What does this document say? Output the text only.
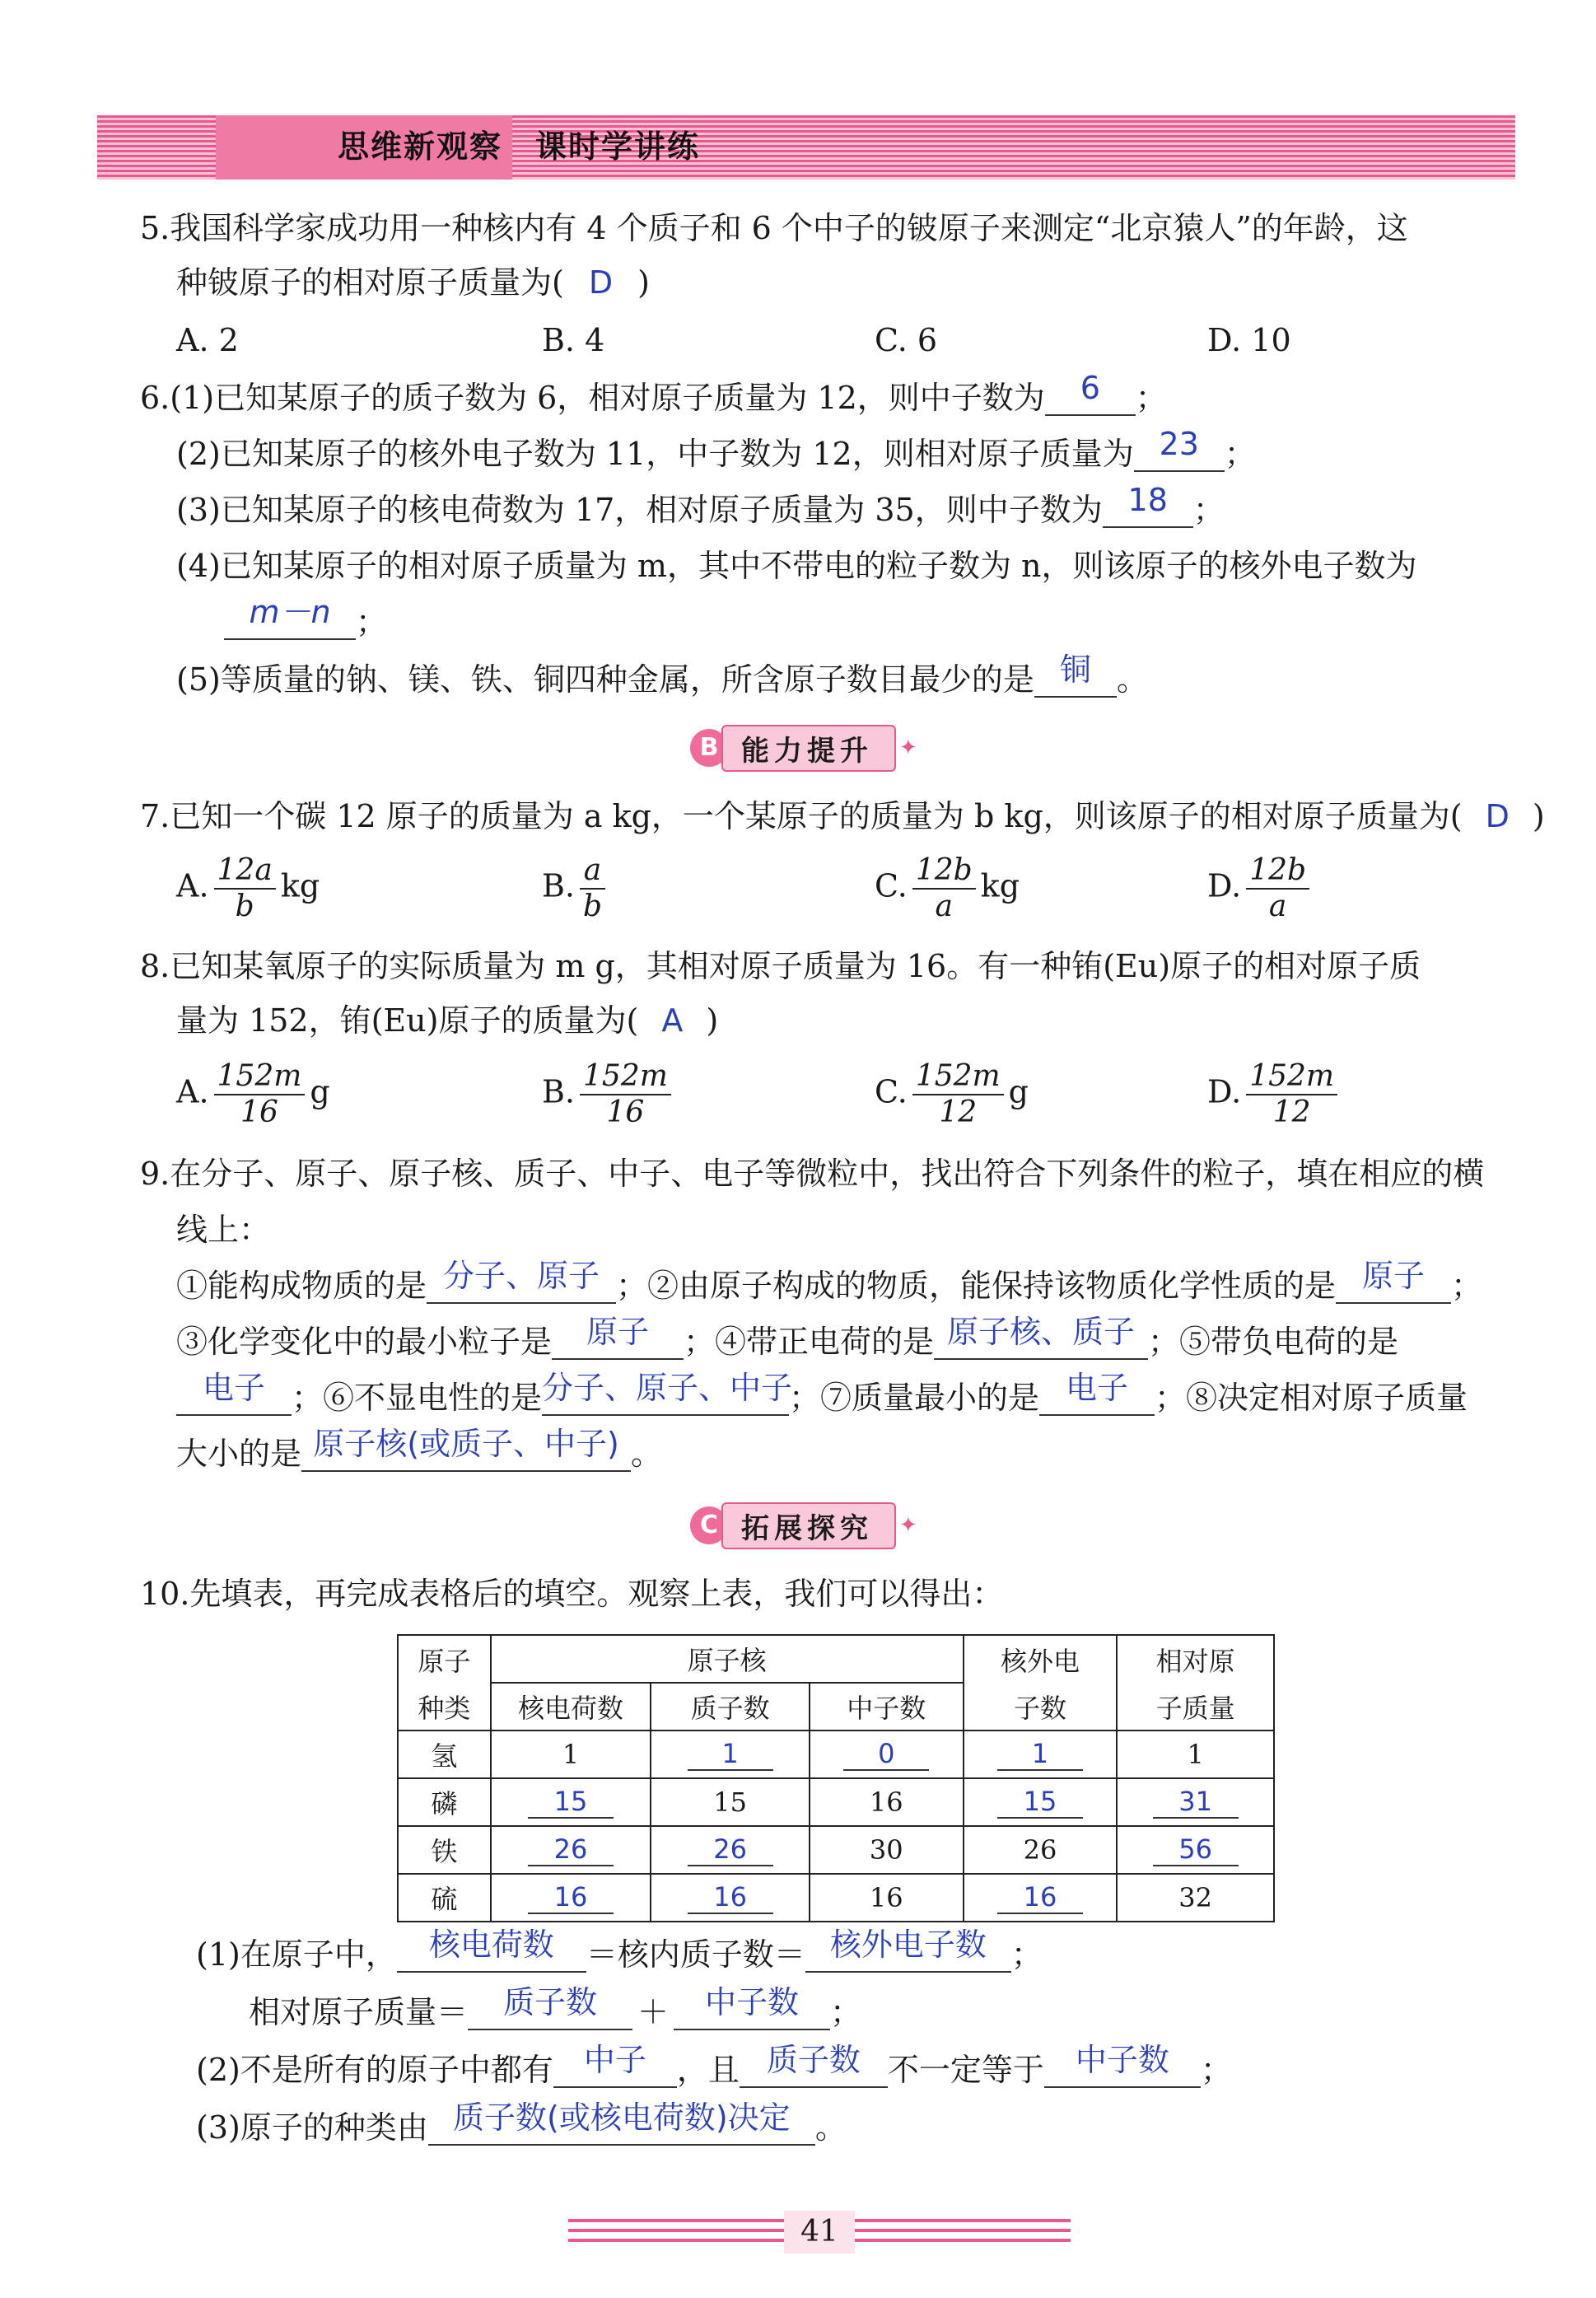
思维新观察　课时学讲练
5.我国科学家成功用一种核内有 4 个质子和 6 个中子的铍原子来测定“北京猿人”的年龄，这
种铍原子的相对原子质量为( D )
A. 2	B. 4	C. 6	D. 10
6.(1)已知某原子的质子数为 6，相对原子质量为 12，则中子数为 6 ；
(2)已知某原子的核外电子数为 11，中子数为 12，则相对原子质量为 23 ；
(3)已知某原子的核电荷数为 17，相对原子质量为 35，则中子数为 18 ；
(4)已知某原子的相对原子质量为 m，其中不带电的粒子数为 n，则该原子的核外电子数为
m－n ；
(5)等质量的钠、镁、铁、铜四种金属，所含原子数目最少的是 铜 。
B 能力提升	✦
7.已知一个碳 12 原子的质量为 a kg，一个某原子的质量为 b kg，则该原子的相对原子质量为( D )
A. $\frac{12a}{b}$ kg	B. $\frac{a}{b}$	C. $\frac{12b}{a}$ kg	D. $\frac{12b}{a}$
8.已知某氧原子的实际质量为 m g，其相对原子质量为 16。有一种铕(Eu)原子的相对原子质
量为 152，铕(Eu)原子的质量为( A )
A. $\frac{152m}{16}$ g	B. $\frac{152m}{16}$	C. $\frac{152m}{12}$ g	D. $\frac{152m}{12}$
9.在分子、原子、原子核、质子、中子、电子等微粒中，找出符合下列条件的粒子，填在相应的横
线上：
①能构成物质的是 分子、原子 ；②由原子构成的物质，能保持该物质化学性质的是 原子 ；
③化学变化中的最小粒子是 原子 ；④带正电荷的是 原子核、质子 ；⑤带负电荷的是
电子 ；⑥不显电性的是分子、原子、中子；⑦质量最小的是 电子 ；⑧决定相对原子质量
大小的是 原子核(或质子、中子) 。
C 拓展探究	✦
10.先填表，再完成表格后的填空。观察上表，我们可以得出：
原子	原子核			核外电	相对原
种类	核电荷数	质子数	中子数	子数	子质量
氢	1	1	0	1	1
磷	15	15	16	15	31
铁	26	26	30	26	56
硫	16	16	16	16	32
(1)在原子中， 核电荷数 ＝核内质子数＝ 核外电子数 ；
相对原子质量＝ 质子数 ＋ 中子数 ；
(2)不是所有的原子中都有 中子 ，且 质子数 不一定等于 中子数 ；
(3)原子的种类由 质子数(或核电荷数)决定 。
41
